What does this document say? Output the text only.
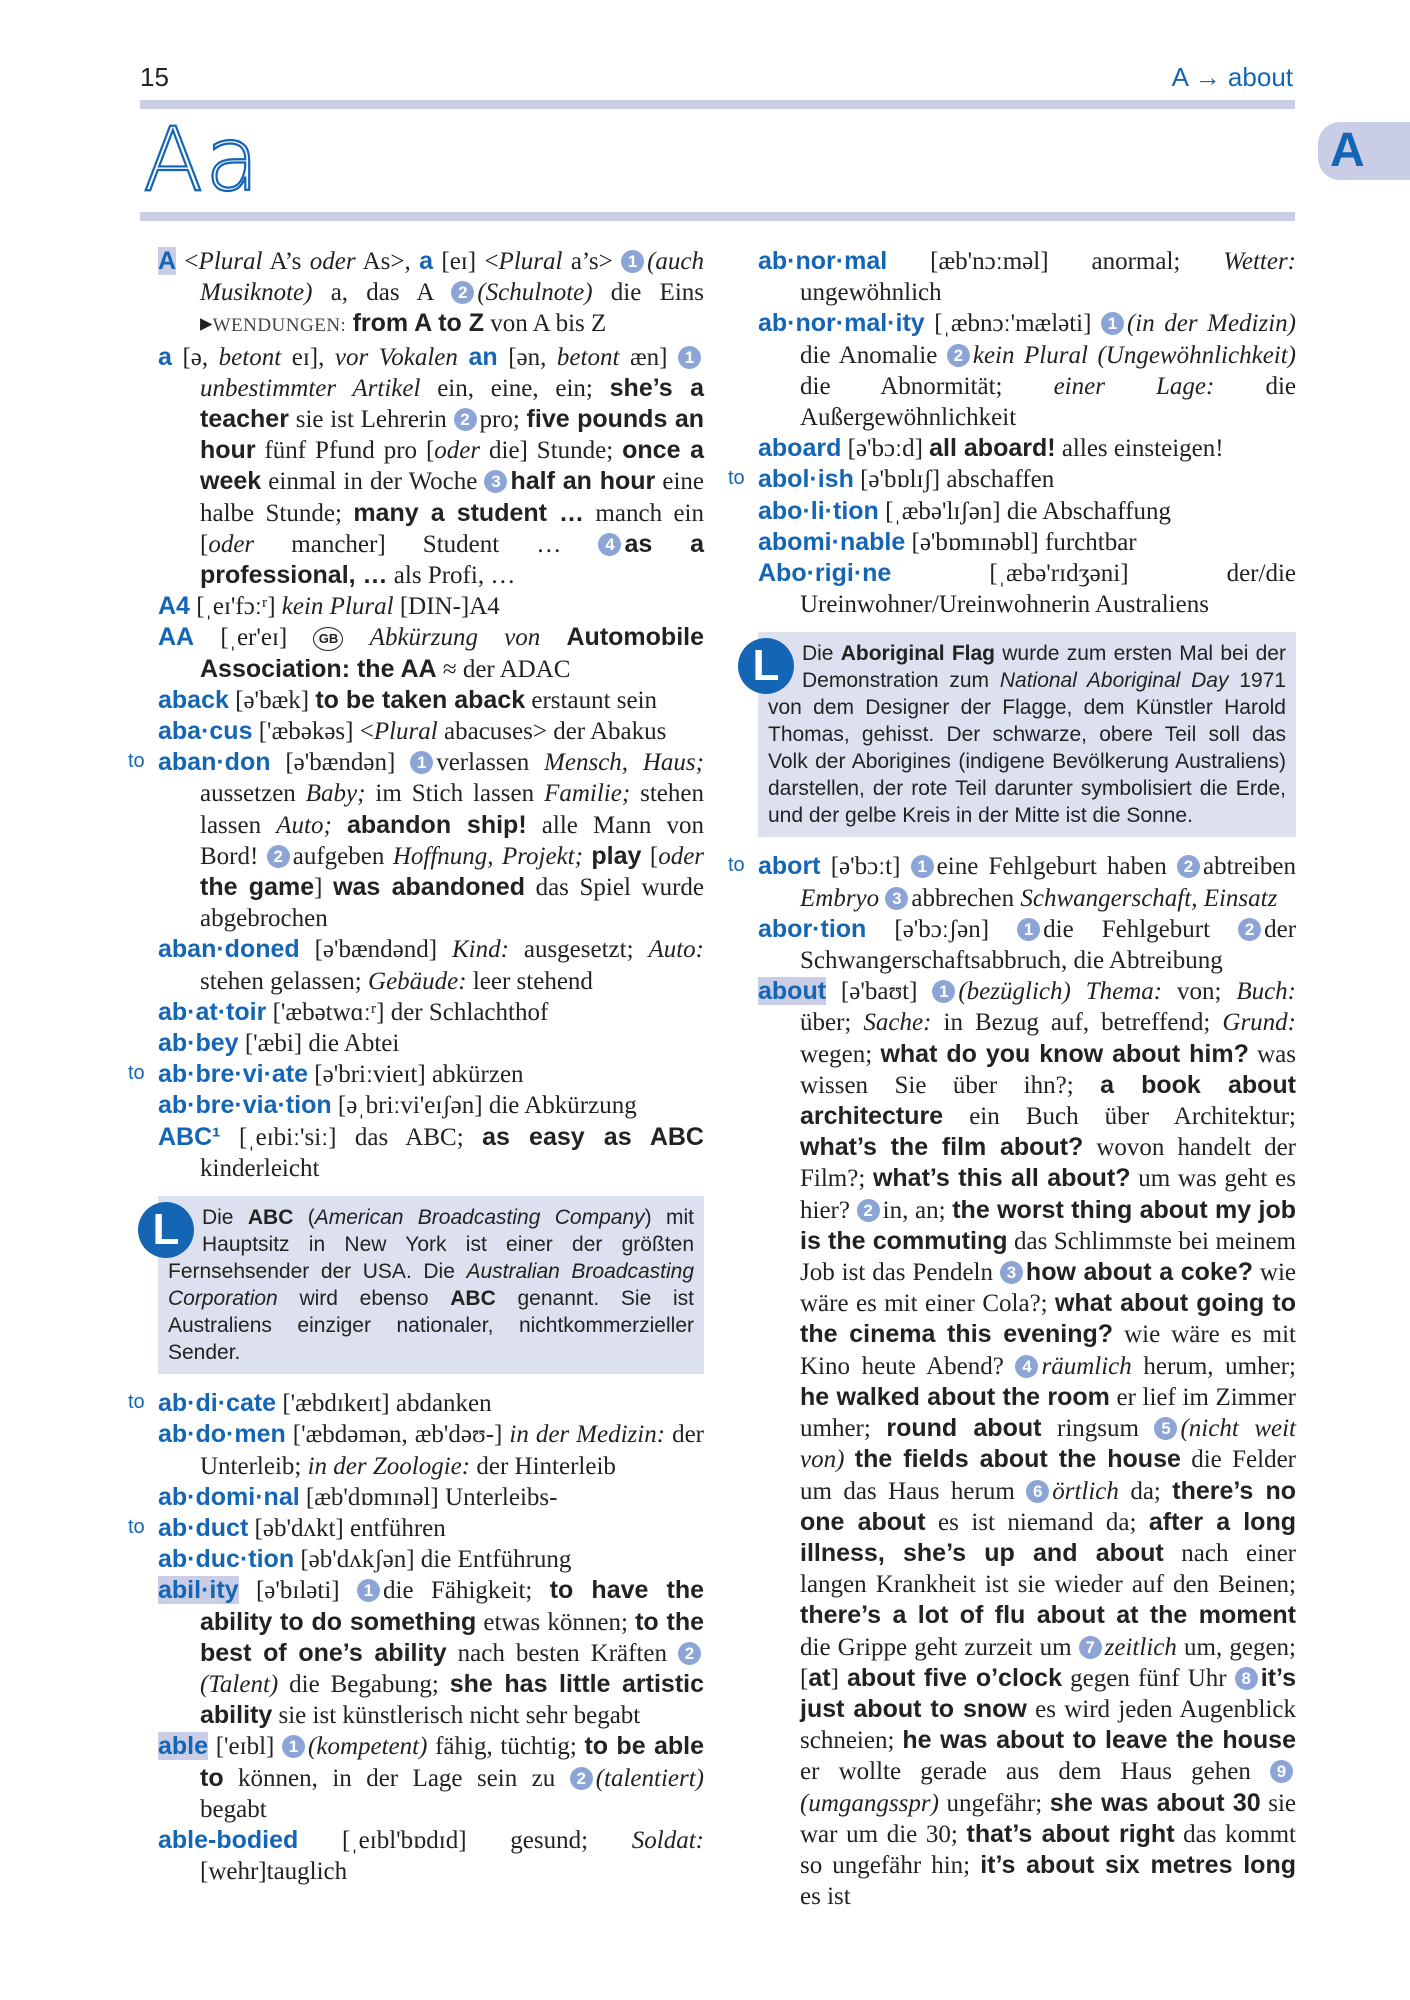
15	A → about
Aa	A
A <Plural A’s oder As>, a [eɪ] <Plural a’s> 1 (auch Musiknote) a, das A 2 (Schulnote) die Eins ▸WENDUNGEN: from A to Z von A bis Z
a [ə, betont eɪ], vor Vokalen an [ən, betont æn] 1unbestimmter Artikel ein, eine, ein; she’s a teacher sie ist Lehrerin 2 pro; five pounds an hour fünf Pfund pro [oder die] Stunde; once a week einmal in der Woche 3 half an hour eine halbe Stunde; many a student … manch ein [oder mancher] Student … 4 as a professional, … als Profi, …
A4 [ˌeɪ'fɔːʳ] kein Plural [DIN-]A4
AA [ˌer'eɪ] GB Abkürzung von Automobile Association: the AA ≈ der ADAC
aback [ə'bæk] to be taken aback erstaunt sein
aba·cus ['æbəkəs] <Plural abacuses> der Abakus
to aban·don [ə'bændən] 1 verlassen Mensch, Haus; aussetzen Baby; im Stich lassen Familie; stehen lassen Auto; abandon ship! alle Mann von Bord! 2 aufgeben Hoffnung, Projekt; play [oder the game] was abandoned das Spiel wurde abgebrochen
aban·doned [ə'bændənd] Kind: ausgesetzt; Auto: stehen gelassen; Gebäude: leer stehend
ab·at·toir ['æbətwɑːʳ] der Schlachthof
ab·bey ['æbi] die Abtei
to ab·bre·vi·ate [ə'briːvieɪt] abkürzen
ab·bre·via·tion [əˌbriːvi'eɪʃən] die Abkürzung
ABC¹ [ˌeɪbiː'siː] das ABC; as easy as ABC kinderleicht
L	Die ABC (American Broadcasting Company) mit Hauptsitz in New York ist einer der größten Fernsehsender der USA. Die Australian Broadcasting Corporation wird ebenso ABC genannt. Sie ist Australiens einziger nationaler, nichtkommerzieller Sender.
to ab·di·cate ['æbdɪkeɪt] abdanken
ab·do·men ['æbdəmən, æb'dəʊ-] in der Medizin: der Unterleib; in der Zoologie: der Hinterleib
ab·domi·nal [æb'dɒmɪnəl] Unterleibs-
to ab·duct [əb'dʌkt] entführen
ab·duc·tion [əb'dʌkʃən] die Entführung
abil·ity [ə'bɪləti] 1 die Fähigkeit; to have the ability to do something etwas können; to the best of one’s ability nach besten Kräften 2(Talent) die Begabung; she has little artistic ability sie ist künstlerisch nicht sehr begabt
able ['eɪbl] 1 (kompetent) fähig, tüchtig; to be able to können, in der Lage sein zu 2 (talentiert) begabt
able-bodied [ˌeɪbl'bɒdɪd] gesund; Soldat: [wehr]tauglich
ab·nor·mal [æb'nɔːməl] anormal; Wetter: ungewöhnlich
ab·nor·mal·ity [ˌæbnɔː'mæləti] 1 (in der Medizin) die Anomalie 2 kein Plural (Ungewöhnlichkeit) die Abnormität; einer Lage: die Außergewöhnlichkeit
aboard [ə'bɔːd] all aboard! alles einsteigen!
to abol·ish [ə'bɒlɪʃ] abschaffen
abo·li·tion [ˌæbə'lɪʃən] die Abschaffung
abomi·nable [ə'bɒmɪnəbl] furchtbar
Abo·rigi·ne [ˌæbə'rɪdʒəni] der/die Ureinwohner/Ureinwohnerin Australiens
L	Die Aboriginal Flag wurde zum ersten Mal bei der Demonstration zum National Aboriginal Day 1971 von dem Designer der Flagge, dem Künstler Harold Thomas, gehisst. Der schwarze, obere Teil soll das Volk der Aborigines (indigene Bevölkerung Australiens) darstellen, der rote Teil darunter symbolisiert die Erde, und der gelbe Kreis in der Mitte ist die Sonne.
to abort [ə'bɔːt] 1 eine Fehlgeburt haben 2 abtreiben Embryo 3 abbrechen Schwangerschaft, Einsatz
abor·tion [ə'bɔːʃən] 1 die Fehlgeburt 2 der Schwangerschaftsabbruch, die Abtreibung
about [ə'baʊt] 1 (bezüglich) Thema: von; Buch: über; Sache: in Bezug auf, betreffend; Grund: wegen; what do you know about him? was wissen Sie über ihn?; a book about architecture ein Buch über Architektur; what’s the film about? wovon handelt der Film?; what’s this all about? um was geht es hier? 2 in, an; the worst thing about my job is the commuting das Schlimmste bei meinem Job ist das Pendeln 3 how about a coke? wie wäre es mit einer Cola?; what about going to the cinema this evening? wie wäre es mit Kino heute Abend? 4 räumlich herum, umher; he walked about the room er lief im Zimmer umher; round about ringsum 5 (nicht weit von) the fields about the house die Felder um das Haus herum 6 örtlich da; there’s no one about es ist niemand da; after a long illness, she’s up and about nach einer langen Krankheit ist sie wieder auf den Beinen; there’s a lot of flu about at the moment die Grippe geht zurzeit um 7 zeitlich um, gegen; [at] about five o’clock gegen fünf Uhr 8 it’s just about to snow es wird jeden Augenblick schneien; he was about to leave the house er wollte gerade aus dem Haus gehen 9(umgangsspr) ungefähr; she was about 30 sie war um die 30; that’s about right das kommt so ungefähr hin; it’s about six metres long es ist
